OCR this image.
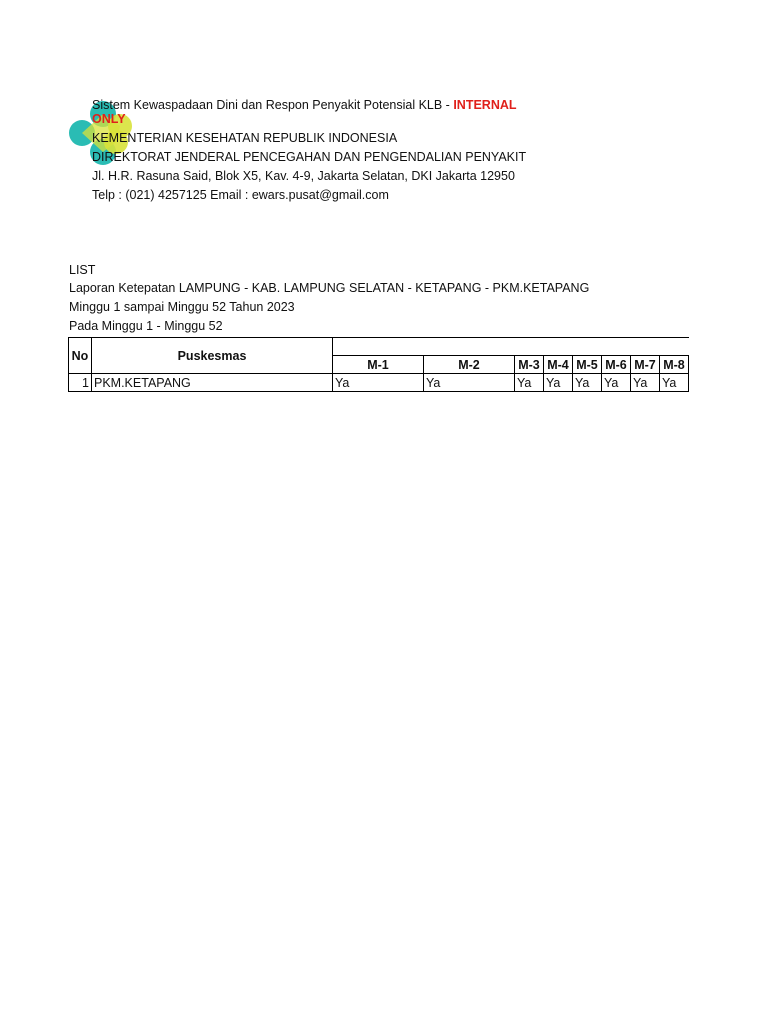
Sistem Kewaspadaan Dini dan Respon Penyakit Potensial KLB - INTERNAL
ONLY
KEMENTERIAN KESEHATAN REPUBLIK INDONESIA
DIREKTORAT JENDERAL PENCEGAHAN DAN PENGENDALIAN PENYAKIT
Jl. H.R. Rasuna Said, Blok X5, Kav. 4-9, Jakarta Selatan, DKI Jakarta 12950
Telp : (021) 4257125 Email : ewars.pusat@gmail.com
LIST
Laporan Ketepatan LAMPUNG - KAB. LAMPUNG SELATAN - KETAPANG - PKM.KETAPANG
Minggu 1 sampai Minggu 52 Tahun 2023
Pada Minggu 1 - Minggu 52
No	Puskesmas								
		M-1	M-2	M-3	M-4	M-5	M-6	M-7	M-8
1	PKM.KETAPANG	Ya	Ya	Ya	Ya	Ya	Ya	Ya	Ya
